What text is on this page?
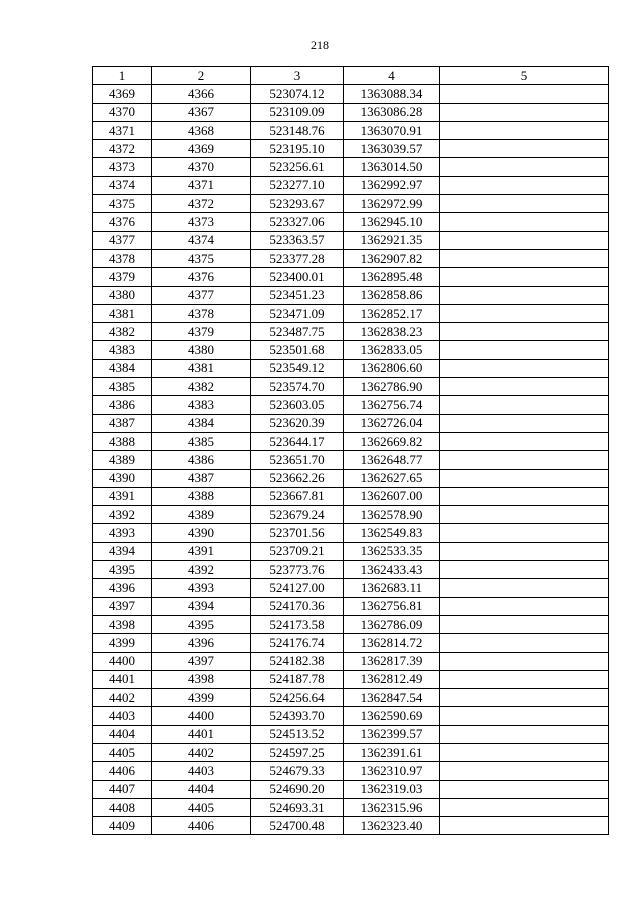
218
1	2	3	4	5
4369	4366	523074.12	1363088.34	
4370	4367	523109.09	1363086.28	
4371	4368	523148.76	1363070.91	
4372	4369	523195.10	1363039.57	
4373	4370	523256.61	1363014.50	
4374	4371	523277.10	1362992.97	
4375	4372	523293.67	1362972.99	
4376	4373	523327.06	1362945.10	
4377	4374	523363.57	1362921.35	
4378	4375	523377.28	1362907.82	
4379	4376	523400.01	1362895.48	
4380	4377	523451.23	1362858.86	
4381	4378	523471.09	1362852.17	
4382	4379	523487.75	1362838.23	
4383	4380	523501.68	1362833.05	
4384	4381	523549.12	1362806.60	
4385	4382	523574.70	1362786.90	
4386	4383	523603.05	1362756.74	
4387	4384	523620.39	1362726.04	
4388	4385	523644.17	1362669.82	
4389	4386	523651.70	1362648.77	
4390	4387	523662.26	1362627.65	
4391	4388	523667.81	1362607.00	
4392	4389	523679.24	1362578.90	
4393	4390	523701.56	1362549.83	
4394	4391	523709.21	1362533.35	
4395	4392	523773.76	1362433.43	
4396	4393	524127.00	1362683.11	
4397	4394	524170.36	1362756.81	
4398	4395	524173.58	1362786.09	
4399	4396	524176.74	1362814.72	
4400	4397	524182.38	1362817.39	
4401	4398	524187.78	1362812.49	
4402	4399	524256.64	1362847.54	
4403	4400	524393.70	1362590.69	
4404	4401	524513.52	1362399.57	
4405	4402	524597.25	1362391.61	
4406	4403	524679.33	1362310.97	
4407	4404	524690.20	1362319.03	
4408	4405	524693.31	1362315.96	
4409	4406	524700.48	1362323.40	
